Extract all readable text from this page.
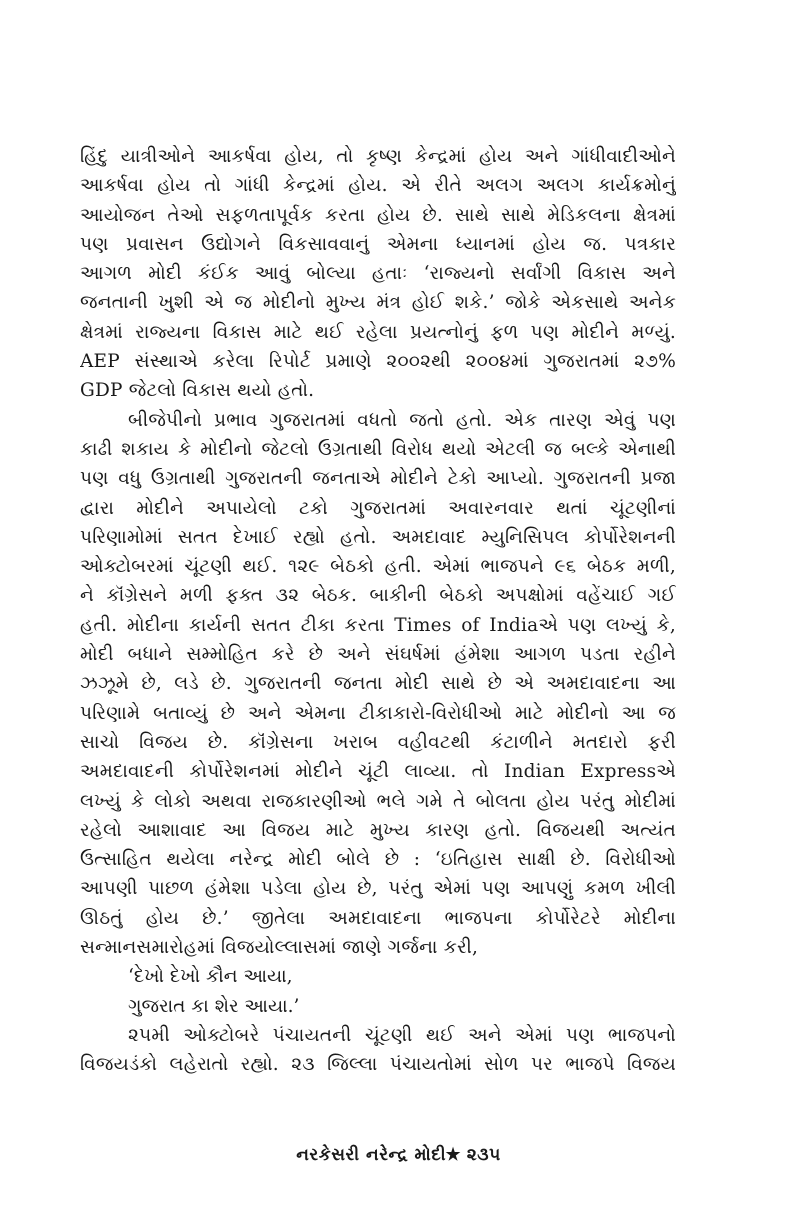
હિંદુ યાત્રીઓને આકર્ષવા હોય, તો કૃષ્ણ કેન્દ્રમાં હોય અને ગાંધીવાદીઓને

આકર્ષવા હોય તો ગાંધી કેન્દ્રમાં હોય. એ રીતે અલગ અલગ કાર્યક્રમોનું

આયોજન તેઓ સફળતાપૂર્વક કરતા હોય છે. સાથે સાથે મેડિકલના ક્ષેત્રમાં

પણ પ્રવાસન ઉદ્યોગને વિકસાવવાનું એમના ધ્યાનમાં હોય જ. પત્રકાર

આગળ મોદી કંઈક આવું બોલ્યા હતાઃ ‘રાજ્યનો સર્વાંગી વિકાસ અને

જનતાની ખુશી એ જ મોદીનો મુખ્ય મંત્ર હોઈ શકે.’ જોકે એકસાથે અનેક

ક્ષેત્રમાં રાજ્યના વિકાસ માટે થઈ રહેલા પ્રયત્નોનું ફળ પણ મોદીને મળ્યું.

AEP સંસ્થાએ કરેલા રિપોર્ટ પ્રમાણે ૨૦૦૨થી ૨૦૦૪માં ગુજરાતમાં ૨૭%

GDP જેટલો વિકાસ થયો હતો.

બીજેપીનો પ્રભાવ ગુજરાતમાં વધતો જતો હતો. એક તારણ એવું પણ

કાઢી શકાય કે મોદીનો જેટલો ઉગ્રતાથી વિરોધ થયો એટલી જ બલ્કે એનાથી

પણ વધુ ઉગ્રતાથી ગુજરાતની જનતાએ મોદીને ટેકો આપ્યો. ગુજરાતની પ્રજા

દ્વારા મોદીને અપાયેલો ટકો ગુજરાતમાં અવારનવાર થતાં ચૂંટણીનાં

પરિણામોમાં સતત દેખાઈ રહ્યો હતો. અમદાવાદ મ્યુનિસિપલ કોર્પોરેશનની

ઓક્ટોબરમાં ચૂંટણી થઈ. ૧૨૯ બેઠકો હતી. એમાં ભાજપને ૯૬ બેઠક મળી,

ને કૉંગ્રેસને મળી ફક્ત ૩૨ બેઠક. બાકીની બેઠકો અપક્ષોમાં વહેંચાઈ ગઈ

હતી. મોદીના કાર્યની સતત ટીકા કરતા Times of Indiaએ પણ લખ્યું કે,

મોદી બધાને સમ્મોહિત કરે છે અને સંઘર્ષમાં હંમેશા આગળ પડતા રહીને

ઝઝૂમે છે, લડે છે. ગુજરાતની જનતા મોદી સાથે છે એ અમદાવાદના આ

પરિણામે બતાવ્યું છે અને એમના ટીકાકારો-વિરોધીઓ માટે મોદીનો આ જ

સાચો વિજય છે. કૉંગ્રેસના ખરાબ વહીવટથી કંટાળીને મતદારો ફરી

અમદાવાદની કોર્પોરેશનમાં મોદીને ચૂંટી લાવ્યા. તો Indian Expressએ

લખ્યું કે લોકો અથવા રાજકારણીઓ ભલે ગમે તે બોલતા હોય પરંતુ મોદીમાં

રહેલો આશાવાદ આ વિજય માટે મુખ્ય કારણ હતો. વિજયથી અત્યંત

ઉત્સાહિત થયેલા નરેન્દ્ર મોદી બોલે છે : ‘ઇતિહાસ સાક્ષી છે. વિરોધીઓ

આપણી પાછળ હંમેશા પડેલા હોય છે, પરંતુ એમાં પણ આપણું કમળ ખીલી

ઊઠતું હોય છે.’ જીતેલા અમદાવાદના ભાજપના કોર્પોરેટરે મોદીના

સન્માનસમારોહમાં વિજયોલ્લાસમાં જાણે ગર્જના કરી,

‘દેખો દેખો કૌન આયા,

ગુજરાત કા શેર આયા.’

૨૫મી ઓક્ટોબરે પંચાયતની ચૂંટણી થઈ અને એમાં પણ ભાજપનો

વિજયડંકો લહેરાતો રહ્યો. ૨૩ જિલ્લા પંચાયતોમાં સોળ પર ભાજપે વિજય

નરકેસરી નરેન્દ્ર મોદી★ ૨૩૫
